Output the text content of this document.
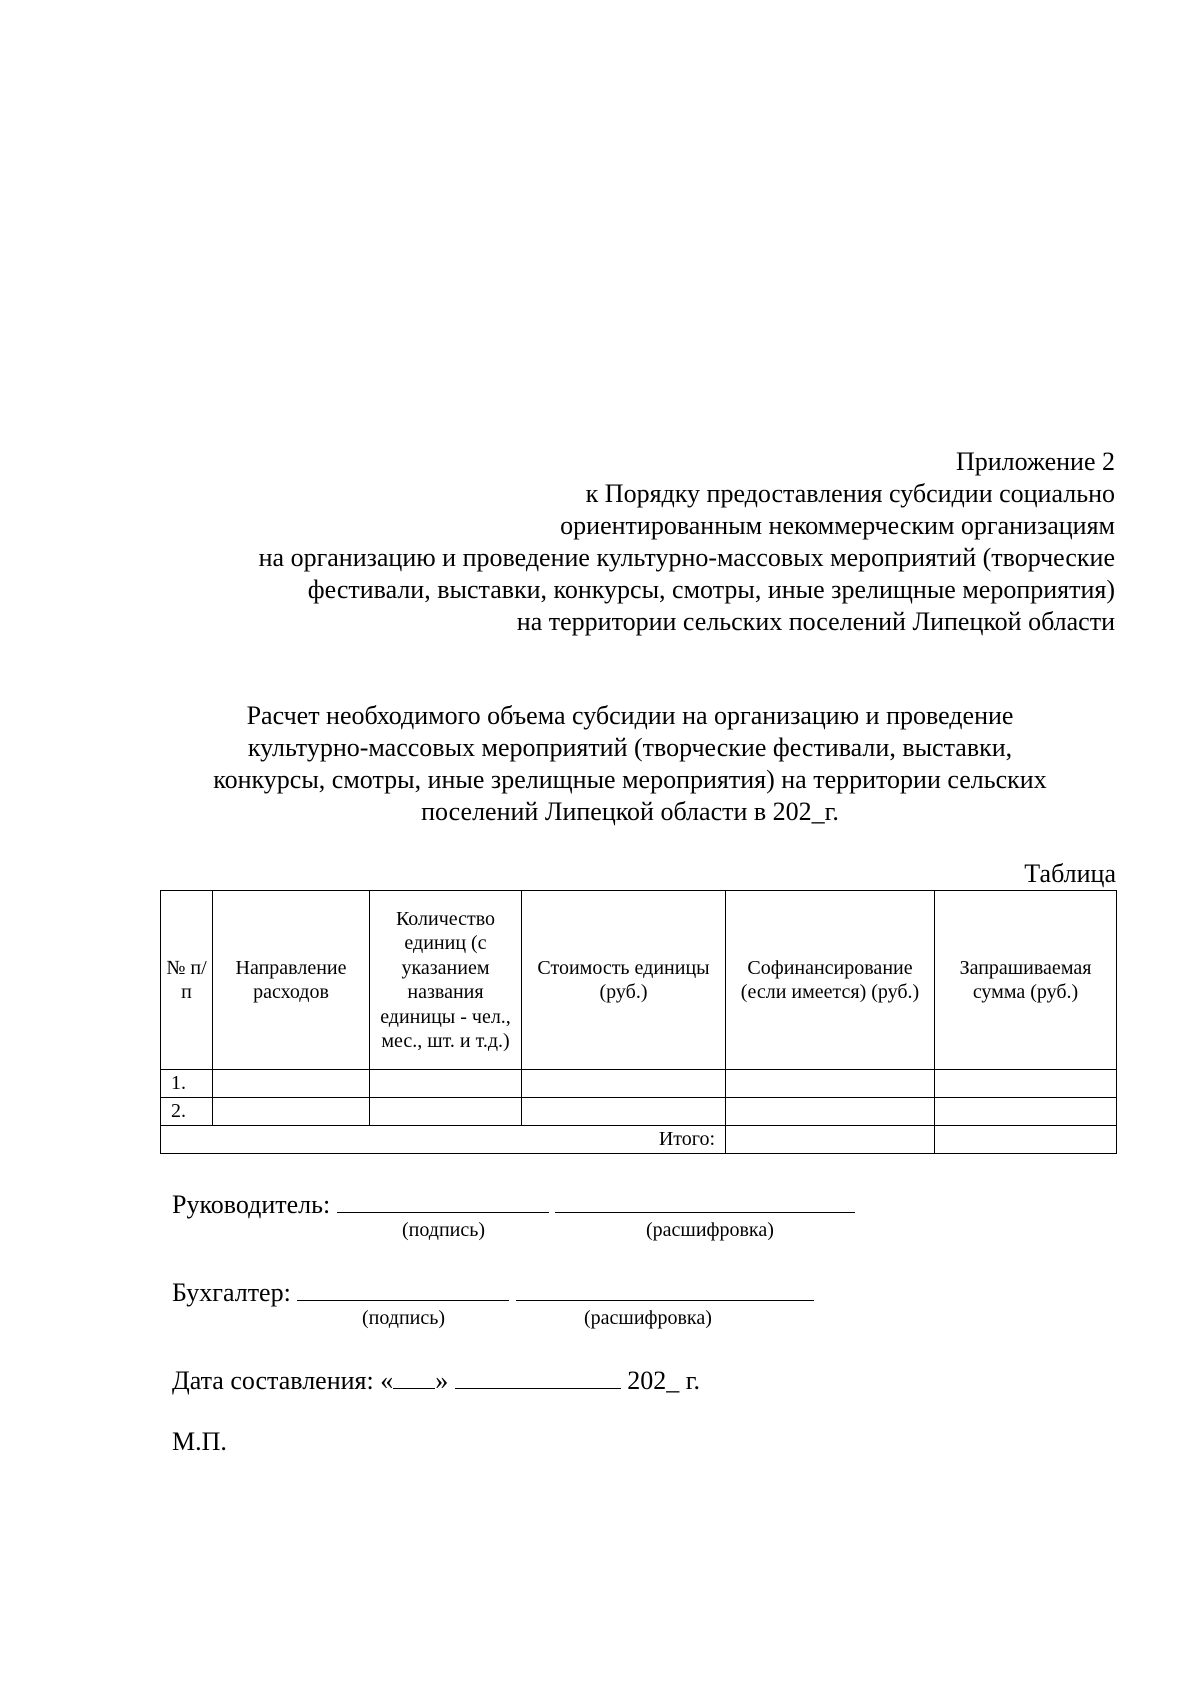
Приложение 2
к Порядку предоставления субсидии социально
ориентированным некоммерческим организациям
на организацию и проведение культурно-массовых мероприятий (творческие
фестивали, выставки, конкурсы, смотры, иные зрелищные мероприятия)
на территории сельских поселений Липецкой области
Расчет необходимого объема субсидии на организацию и проведение
культурно-массовых мероприятий (творческие фестивали, выставки,
конкурсы, смотры, иные зрелищные мероприятия) на территории сельских
поселений Липецкой области в 202_г.
Таблица
№ п/п	Направление расходов	Количество единиц (с указанием названия единицы - чел., мес., шт. и т.д.)	Стоимость единицы (руб.)	Софинансирование (если имеется) (руб.)	Запрашиваемая сумма (руб.)
1.					
2.					
Итого:					
Руководитель:
(подпись)	(расшифровка)
Бухгалтер:
(подпись)	(расшифровка)
Дата составления: « »	202_ г.
М.П.
